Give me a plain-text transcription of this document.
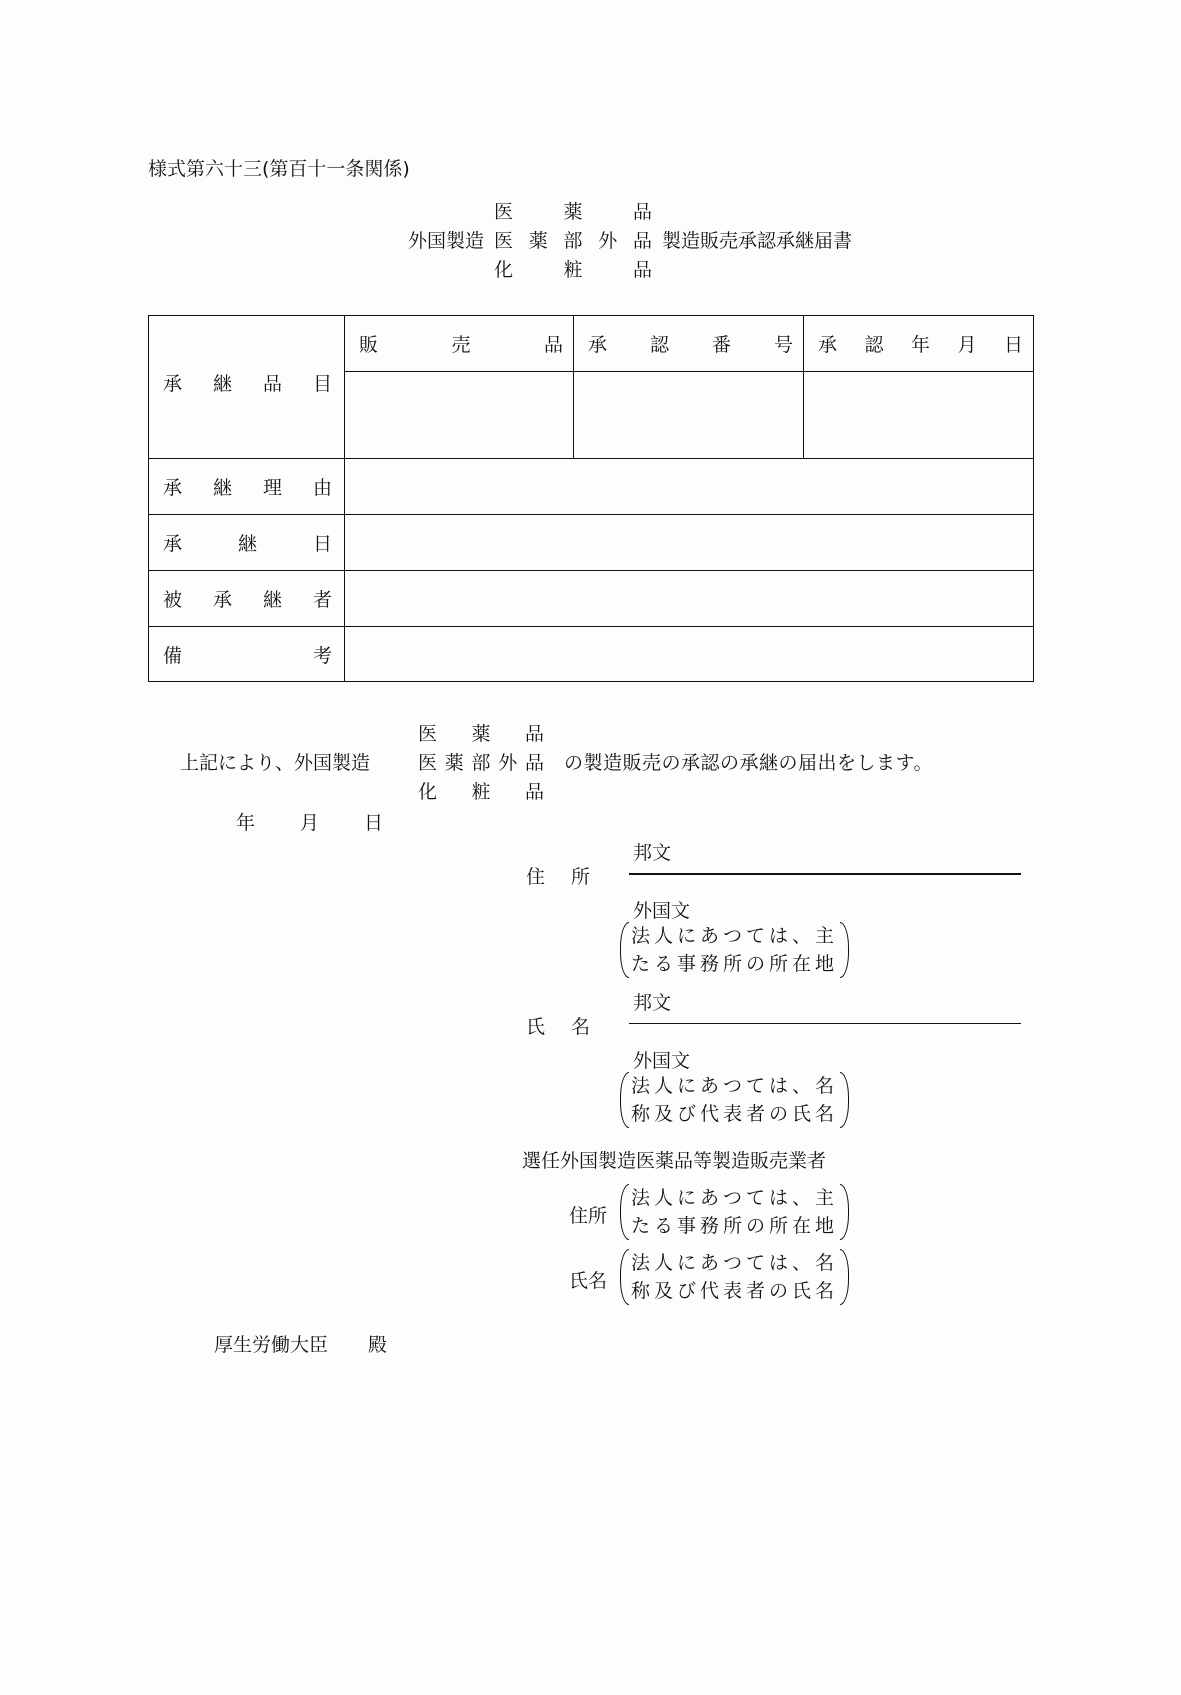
様式第六十三(第百十一条関係)
医	薬	品
外国製造 医 薬 部 外 品 製造販売承認承継届書
化	粧	品
承 継 品 目	販 売 品	承 認 番 号	承 認 年 月 日

承 継 理 由			

承 継 日			

被 承 継 者			

備 考			

医 薬 品
上記により、外国製造	医 薬 部 外 品 の製造販売の承認の承継の届出をします。
化 粧 品
年	月	日
住 所
邦文
外国文
法人にあつては、主
たる事務所の所在地
氏 名
邦文
外国文
法人にあつては、名
称及び代表者の氏名
選任外国製造医薬品等製造販売業者
住所
法人にあつては、主
たる事務所の所在地
氏名
法人にあつては、名
称及び代表者の氏名
厚生労働大臣 殿
